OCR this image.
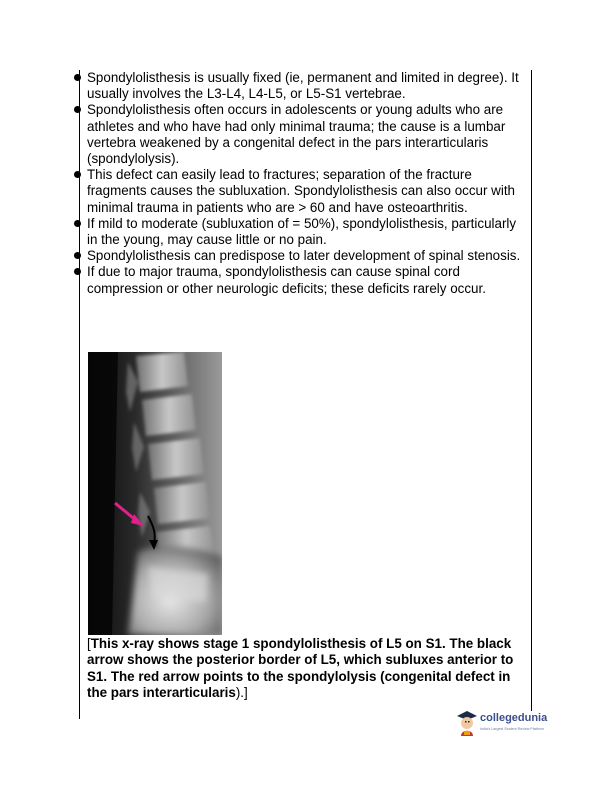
Spondylolisthesis is usually fixed (ie, permanent and limited in degree). It usually involves the L3-L4, L4-L5, or L5-S1 vertebrae.
Spondylolisthesis often occurs in adolescents or young adults who are athletes and who have had only minimal trauma; the cause is a lumbar vertebra weakened by a congenital defect in the pars interarticularis (spondylolysis).
This defect can easily lead to fractures; separation of the fracture fragments causes the subluxation. Spondylolisthesis can also occur with minimal trauma in patients who are > 60 and have osteoarthritis.
If mild to moderate (subluxation of = 50%), spondylolisthesis, particularly in the young, may cause little or no pain.
Spondylolisthesis can predispose to later development of spinal stenosis.
If due to major trauma, spondylolisthesis can cause spinal cord compression or other neurologic deficits; these deficits rarely occur.
[This x-ray shows stage 1 spondylolisthesis of L5 on S1. The black arrow shows the posterior border of L5, which subluxes anterior to S1. The red arrow points to the spondylolysis (congenital defect in the pars interarticularis).]
collegedunia
India's Largest Student Review Platform
